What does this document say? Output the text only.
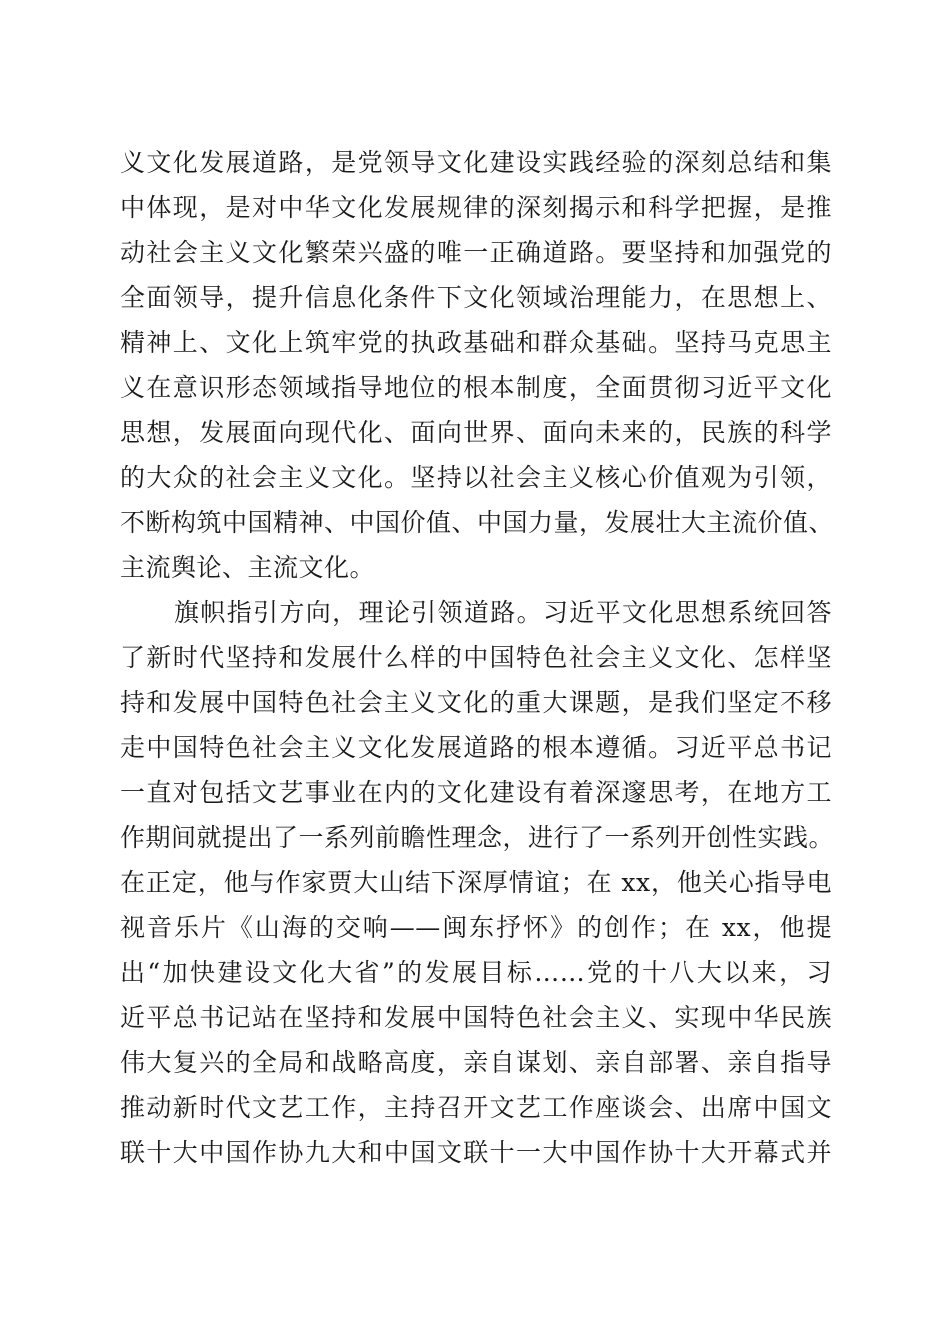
义文化发展道路，是党领导文化建设实践经验的深刻总结和集
中体现，是对中华文化发展规律的深刻揭示和科学把握，是推
动社会主义文化繁荣兴盛的唯一正确道路。要坚持和加强党的
全面领导，提升信息化条件下文化领域治理能力，在思想上、
精神上、文化上筑牢党的执政基础和群众基础。坚持马克思主
义在意识形态领域指导地位的根本制度，全面贯彻习近平文化
思想，发展面向现代化、面向世界、面向未来的，民族的科学
的大众的社会主义文化。坚持以社会主义核心价值观为引领，
不断构筑中国精神、中国价值、中国力量，发展壮大主流价值、
主流舆论、主流文化。
旗帜指引方向，理论引领道路。习近平文化思想系统回答
了新时代坚持和发展什么样的中国特色社会主义文化、怎样坚
持和发展中国特色社会主义文化的重大课题，是我们坚定不移
走中国特色社会主义文化发展道路的根本遵循。习近平总书记
一直对包括文艺事业在内的文化建设有着深邃思考，在地方工
作期间就提出了一系列前瞻性理念，进行了一系列开创性实践。
在正定，他与作家贾大山结下深厚情谊；在 xx，他关心指导电
视音乐片《山海的交响——闽东抒怀》的创作；在 xx，他提
出“加快建设文化大省”的发展目标……党的十八大以来，习
近平总书记站在坚持和发展中国特色社会主义、实现中华民族
伟大复兴的全局和战略高度，亲自谋划、亲自部署、亲自指导
推动新时代文艺工作，主持召开文艺工作座谈会、出席中国文
联十大中国作协九大和中国文联十一大中国作协十大开幕式并
